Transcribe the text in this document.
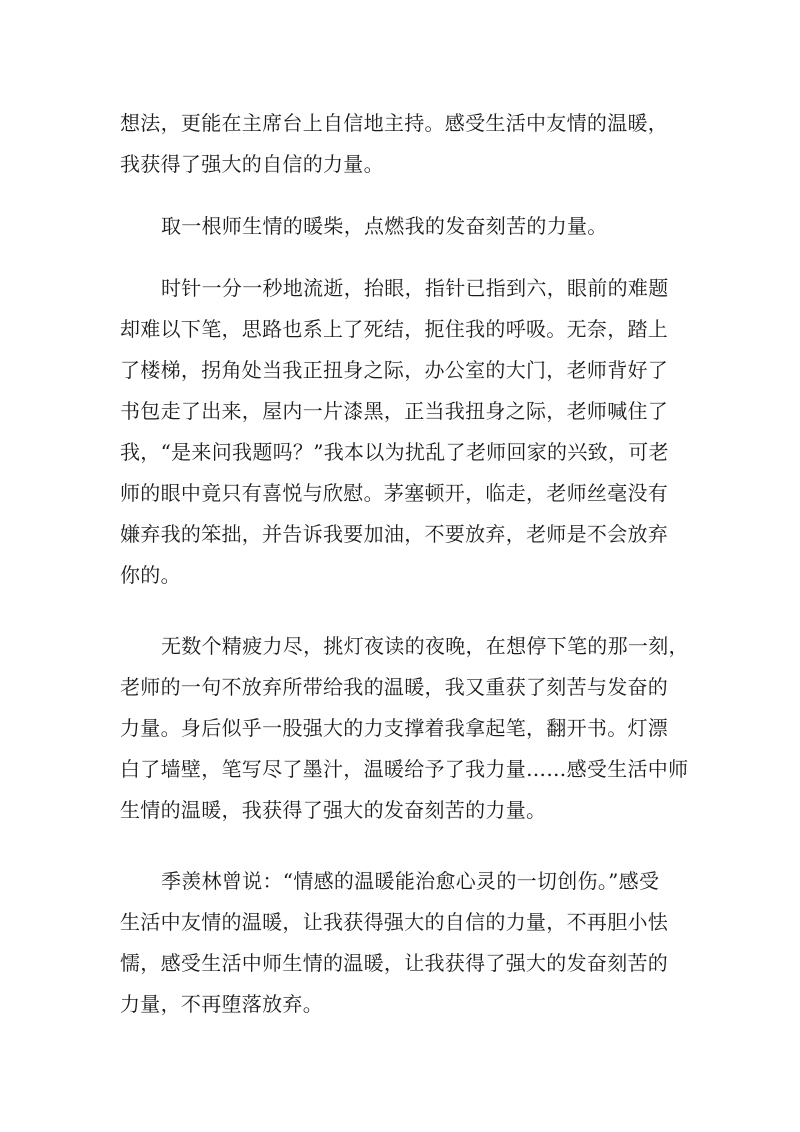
想法，更能在主席台上自信地主持。感受生活中友情的温暖，
我获得了强大的自信的力量。
取一根师生情的暖柴，点燃我的发奋刻苦的力量。
时针一分一秒地流逝，抬眼，指针已指到六，眼前的难题
却难以下笔，思路也系上了死结，扼住我的呼吸。无奈，踏上
了楼梯，拐角处当我正扭身之际，办公室的大门，老师背好了
书包走了出来，屋内一片漆黑，正当我扭身之际，老师喊住了
我，“是来问我题吗？”我本以为扰乱了老师回家的兴致，可老
师的眼中竟只有喜悦与欣慰。茅塞顿开，临走，老师丝毫没有
嫌弃我的笨拙，并告诉我要加油，不要放弃，老师是不会放弃
你的。
无数个精疲力尽，挑灯夜读的夜晚，在想停下笔的那一刻，
老师的一句不放弃所带给我的温暖，我又重获了刻苦与发奋的
力量。身后似乎一股强大的力支撑着我拿起笔，翻开书。灯漂
白了墙壁，笔写尽了墨汁，温暖给予了我力量……感受生活中师
生情的温暖，我获得了强大的发奋刻苦的力量。
季羡林曾说：“情感的温暖能治愈心灵的一切创伤。”感受
生活中友情的温暖，让我获得强大的自信的力量，不再胆小怯
懦，感受生活中师生情的温暖，让我获得了强大的发奋刻苦的
力量，不再堕落放弃。
